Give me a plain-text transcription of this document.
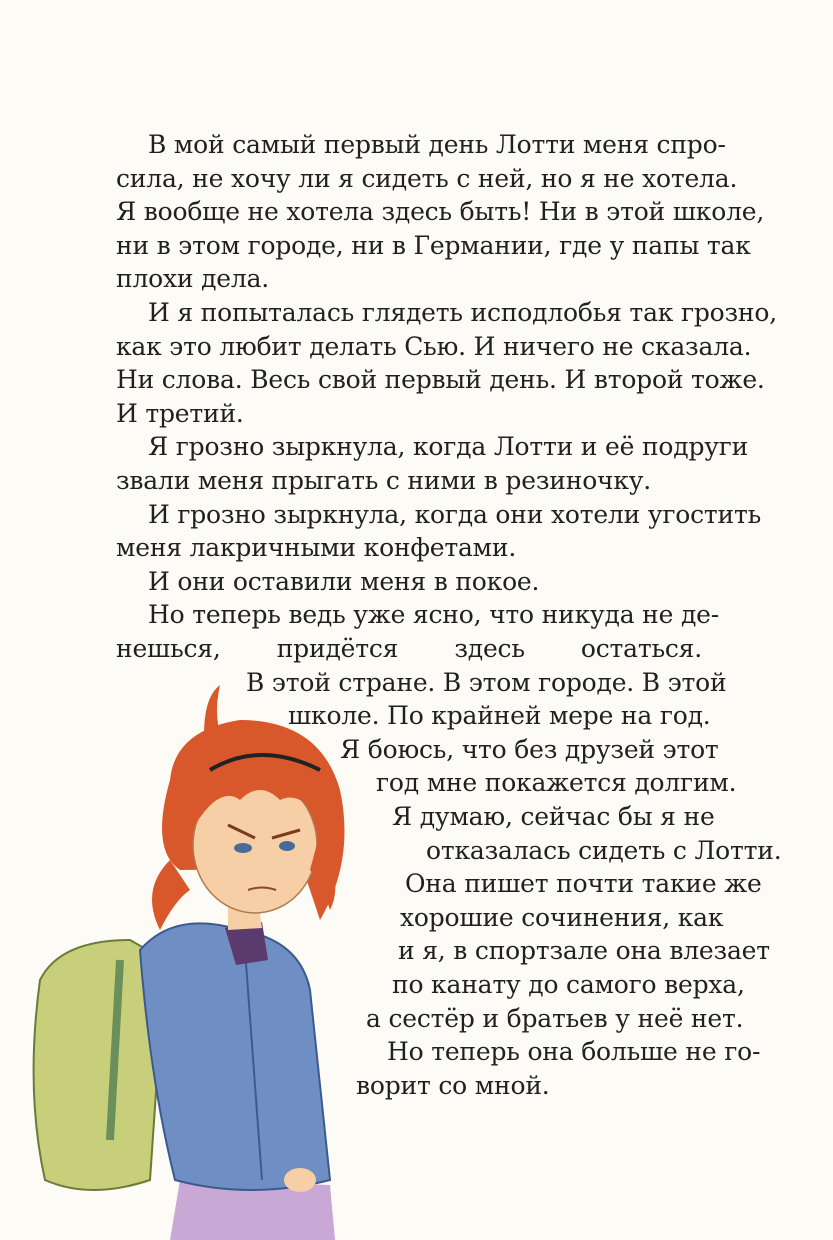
В мой самый первый день Лотти меня спро-
сила, не хочу ли я сидеть с ней, но я не хотела.
Я вообще не хотела здесь быть! Ни в этой школе,
ни в этом городе, ни в Германии, где у папы так
плохи дела.
И я попыталась глядеть исподлобья так грозно,
как это любит делать Сью. И ничего не сказала.
Ни слова. Весь свой первый день. И второй тоже.
И третий.
Я грозно зыркнула, когда Лотти и её подруги
звали меня прыгать с ними в резиночку.
И грозно зыркнула, когда они хотели угостить
меня лакричными конфетами.
И они оставили меня в покое.
Но теперь ведь уже ясно, что никуда не де-
нешься, придётся здесь остаться.
В этой стране. В этом городе. В этой
школе. По крайней мере на год.
Я боюсь, что без друзей этот
год мне покажется долгим.
Я думаю, сейчас бы я не
отказалась сидеть с Лотти.
Она пишет почти такие же
хорошие сочинения, как
и я, в спортзале она влезает
по канату до самого верха,
а сестёр и братьев у неё нет.
Но теперь она больше не го-
ворит со мной.
